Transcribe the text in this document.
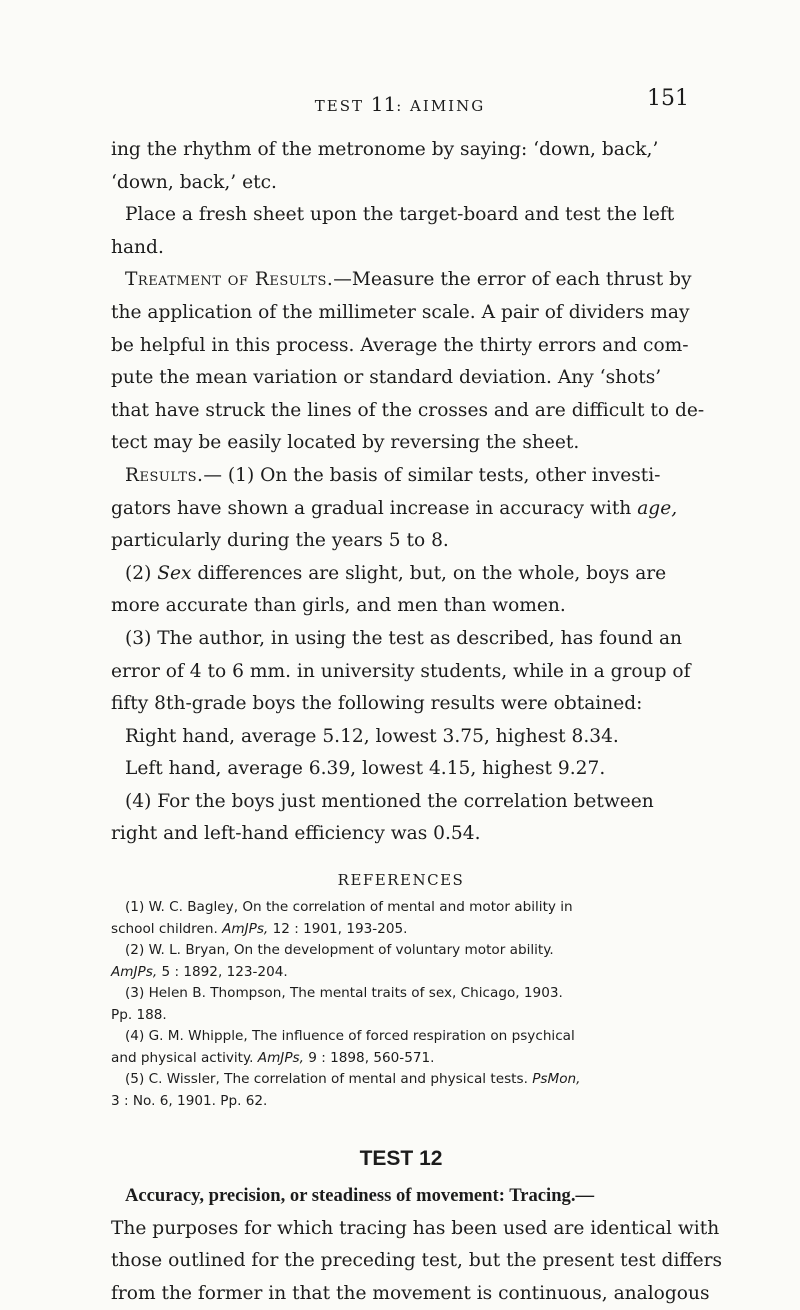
TEST 11: AIMING	151

ing the rhythm of the metronome by saying: ‘down, back,’
‘down, back,’ etc.

Place a fresh sheet upon the target-board and test the left
hand.

Treatment of Results.—Measure the error of each thrust by
the application of the millimeter scale. A pair of dividers may
be helpful in this process. Average the thirty errors and com-
pute the mean variation or standard deviation. Any ‘shots’
that have struck the lines of the crosses and are difficult to de-
tect may be easily located by reversing the sheet.

Results.— (1) On the basis of similar tests, other investi-
gators have shown a gradual increase in accuracy with age,
particularly during the years 5 to 8.

(2) Sex differences are slight, but, on the whole, boys are
more accurate than girls, and men than women.

(3) The author, in using the test as described, has found an
error of 4 to 6 mm. in university students, while in a group of
fifty 8th-grade boys the following results were obtained:
Right hand, average 5.12, lowest 3.75, highest 8.34.
Left hand, average 6.39, lowest 4.15, highest 9.27.

(4) For the boys just mentioned the correlation between
right and left-hand efficiency was 0.54.

REFERENCES

(1) W. C. Bagley, On the correlation of mental and motor ability in
school children. AmJPs, 12 : 1901, 193-205.

(2) W. L. Bryan, On the development of voluntary motor ability.
AmJPs, 5 : 1892, 123-204.

(3) Helen B. Thompson, The mental traits of sex, Chicago, 1903.
Pp. 188.

(4) G. M. Whipple, The influence of forced respiration on psychical
and physical activity. AmJPs, 9 : 1898, 560-571.

(5) C. Wissler, The correlation of mental and physical tests. PsMon,
3 : No. 6, 1901. Pp. 62.

TEST 12

Accuracy, precision, or steadiness of movement: Tracing.—
The purposes for which tracing has been used are identical with
those outlined for the preceding test, but the present test differs
from the former in that the movement is continuous, analogous
